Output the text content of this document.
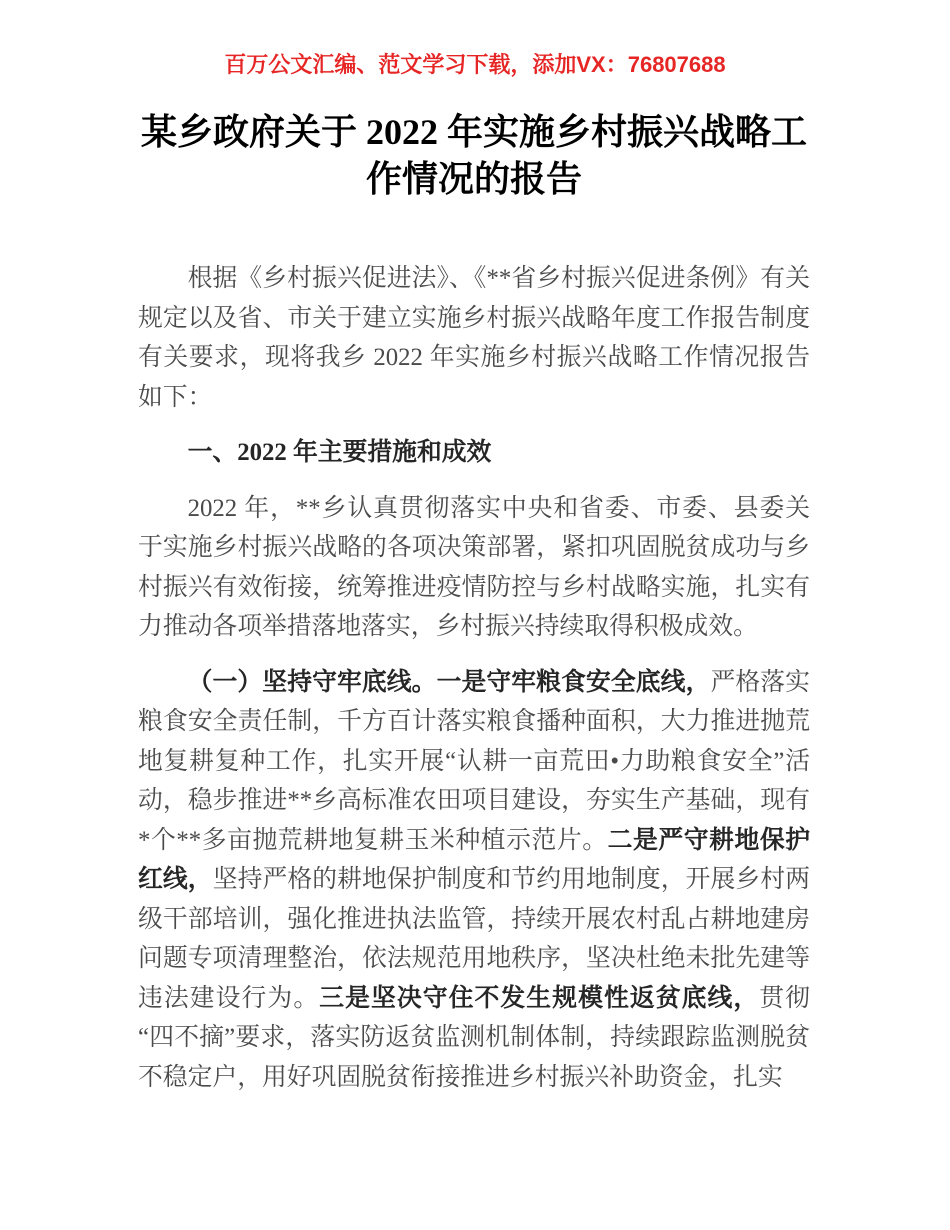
百万公文汇编、范文学习下载，添加VX：76807688
某乡政府关于 2022 年实施乡村振兴战略工作情况的报告

根据《乡村振兴促进法》、《**省乡村振兴促进条例》有关规定以及省、市关于建立实施乡村振兴战略年度工作报告制度有关要求，现将我乡 2022 年实施乡村振兴战略工作情况报告如下：

一、2022 年主要措施和成效

2022 年，**乡认真贯彻落实中央和省委、市委、县委关于实施乡村振兴战略的各项决策部署，紧扣巩固脱贫成功与乡村振兴有效衔接，统筹推进疫情防控与乡村战略实施，扎实有力推动各项举措落地落实，乡村振兴持续取得积极成效。

（一）坚持守牢底线。一是守牢粮食安全底线，严格落实粮食安全责任制，千方百计落实粮食播种面积，大力推进抛荒地复耕复种工作，扎实开展“认耕一亩荒田•力助粮食安全”活动，稳步推进**乡高标准农田项目建设，夯实生产基础，现有*个**多亩抛荒耕地复耕玉米种植示范片。二是严守耕地保护红线，坚持严格的耕地保护制度和节约用地制度，开展乡村两级干部培训，强化推进执法监管，持续开展农村乱占耕地建房问题专项清理整治，依法规范用地秩序，坚决杜绝未批先建等违法建设行为。三是坚决守住不发生规模性返贫底线，贯彻“四不摘”要求，落实防返贫监测机制体制，持续跟踪监测脱贫不稳定户，用好巩固脱贫衔接推进乡村振兴补助资金，扎实
